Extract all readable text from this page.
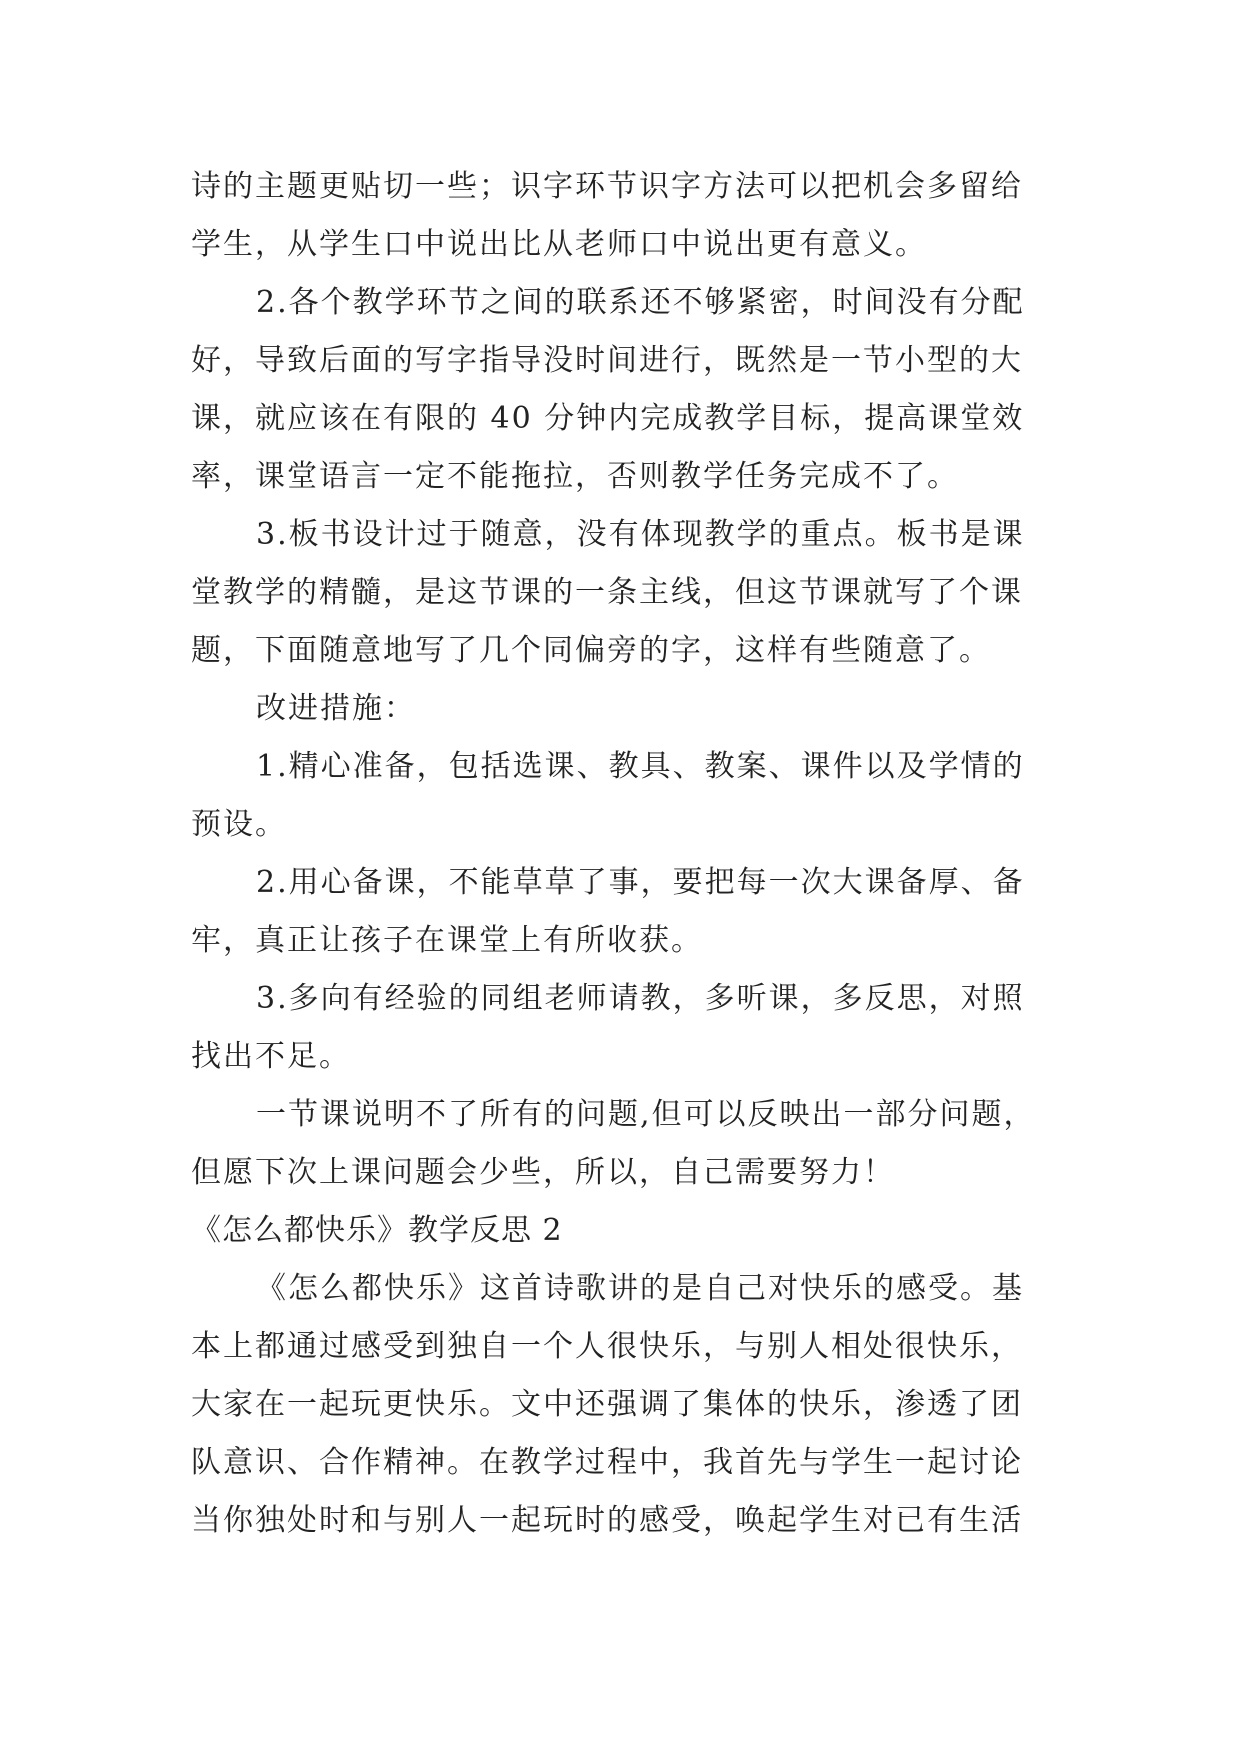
诗的主题更贴切一些；识字环节识字方法可以把机会多留给
学生，从学生口中说出比从老师口中说出更有意义。
2.各个教学环节之间的联系还不够紧密，时间没有分配
好，导致后面的写字指导没时间进行，既然是一节小型的大
课，就应该在有限的 40 分钟内完成教学目标，提高课堂效
率，课堂语言一定不能拖拉，否则教学任务完成不了。
3.板书设计过于随意，没有体现教学的重点。板书是课
堂教学的精髓，是这节课的一条主线，但这节课就写了个课
题，下面随意地写了几个同偏旁的字，这样有些随意了。
改进措施：
1.精心准备，包括选课、教具、教案、课件以及学情的
预设。
2.用心备课，不能草草了事，要把每一次大课备厚、备
牢，真正让孩子在课堂上有所收获。
3.多向有经验的同组老师请教，多听课，多反思，对照
找出不足。
一节课说明不了所有的问题,但可以反映出一部分问题，
但愿下次上课问题会少些，所以，自己需要努力！
《怎么都快乐》教学反思 2
《怎么都快乐》这首诗歌讲的是自己对快乐的感受。基
本上都通过感受到独自一个人很快乐，与别人相处很快乐，
大家在一起玩更快乐。文中还强调了集体的快乐，渗透了团
队意识、合作精神。在教学过程中，我首先与学生一起讨论
当你独处时和与别人一起玩时的感受，唤起学生对已有生活
